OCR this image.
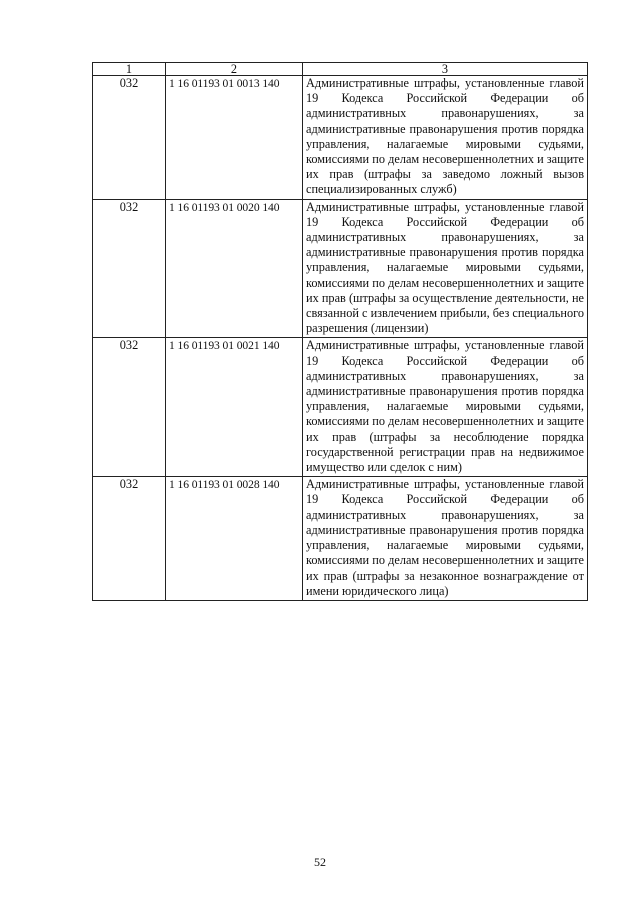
1	2	3
032	1 16 01193 01 0013 140	Административные штрафы, установленные главой 19 Кодекса Российской Федерации об административных правонарушениях, за административные правонарушения против порядка управления, налагаемые мировыми судьями, комиссиями по делам несовершеннолетних и защите их прав (штрафы за заведомо ложный вызов специализированных служб)
032	1 16 01193 01 0020 140	Административные штрафы, установленные главой 19 Кодекса Российской Федерации об административных правонарушениях, за административные правонарушения против порядка управления, налагаемые мировыми судьями, комиссиями по делам несовершеннолетних и защите их прав (штрафы за осуществление деятельности, не связанной с извлечением прибыли, без специального разрешения (лицензии)
032	1 16 01193 01 0021 140	Административные штрафы, установленные главой 19 Кодекса Российской Федерации об административных правонарушениях, за административные правонарушения против порядка управления, налагаемые мировыми судьями, комиссиями по делам несовершеннолетних и защите их прав (штрафы за несоблюдение порядка государственной регистрации прав на недвижимое имущество или сделок с ним)
032	1 16 01193 01 0028 140	Административные штрафы, установленные главой 19 Кодекса Российской Федерации об административных правонарушениях, за административные правонарушения против порядка управления, налагаемые мировыми судьями, комиссиями по делам несовершеннолетних и защите их прав (штрафы за незаконное вознаграждение от имени юридического лица)
52
